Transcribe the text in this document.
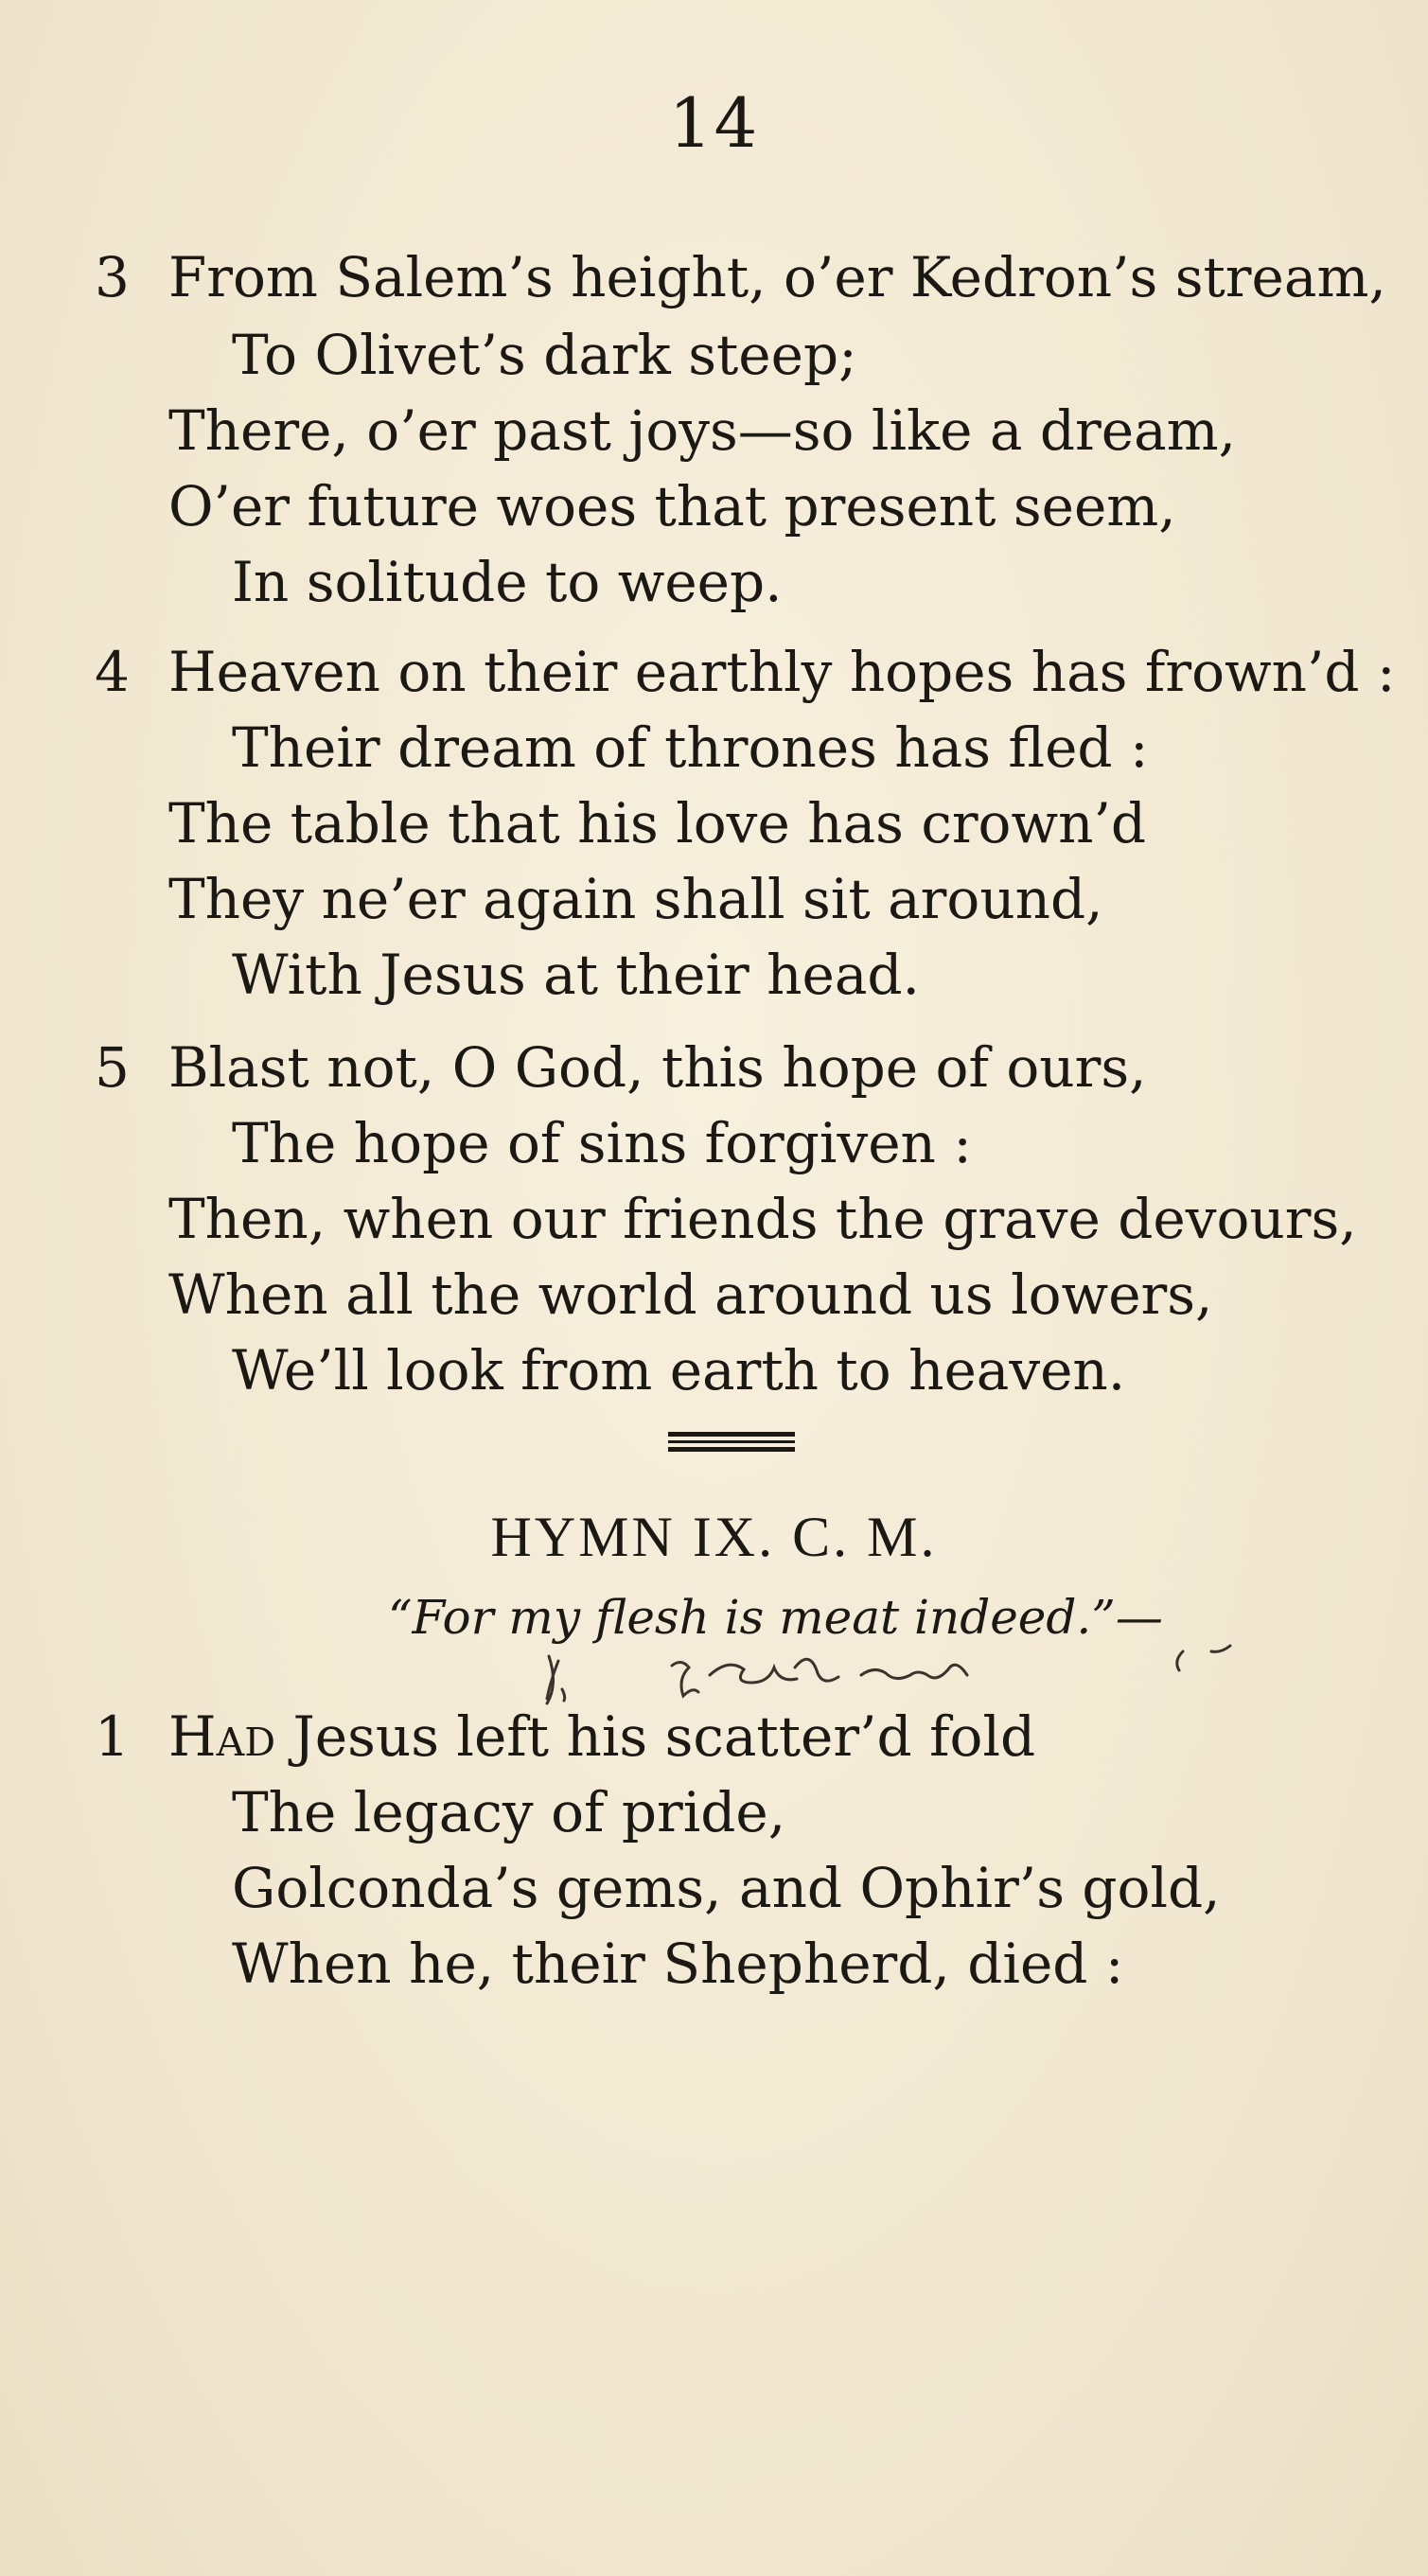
14
3 From Salem’s height, o’er Kedron’s stream,
To Olivet’s dark steep;
There, o’er past joys—so like a dream,
O’er future woes that present seem,
In solitude to weep.
4 Heaven on their earthly hopes has frown’d :
Their dream of thrones has fled :
The table that his love has crown’d
They ne’er again shall sit around,
With Jesus at their head.
5 Blast not, O God, this hope of ours,
The hope of sins forgiven :
Then, when our friends the grave devours,
When all the world around us lowers,
We’ll look from earth to heaven.
HYMN IX. C. M.
“For my flesh is meat indeed.”—
1 Had Jesus left his scatter’d fold
The legacy of pride,
Golconda’s gems, and Ophir’s gold,
When he, their Shepherd, died :
